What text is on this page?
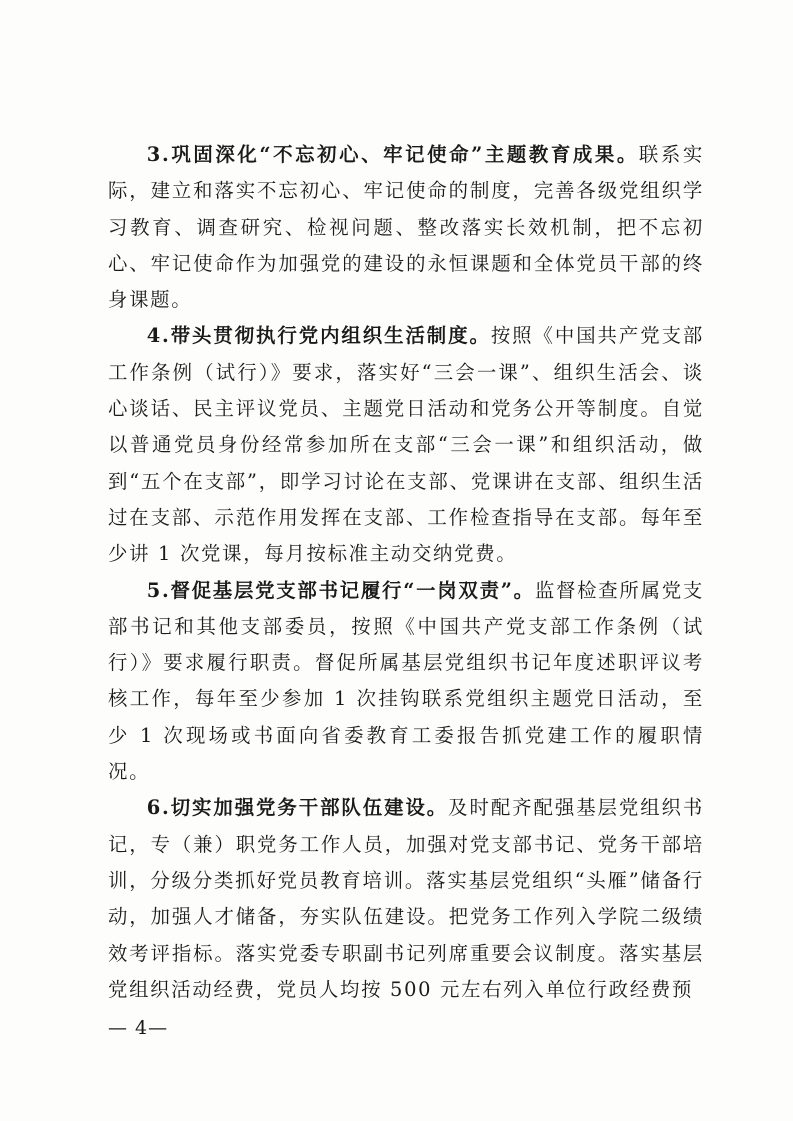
3.巩固深化“不忘初心、牢记使命”主题教育成果。联系实际，建立和落实不忘初心、牢记使命的制度，完善各级党组织学习教育、调查研究、检视问题、整改落实长效机制，把不忘初心、牢记使命作为加强党的建设的永恒课题和全体党员干部的终身课题。

4.带头贯彻执行党内组织生活制度。按照《中国共产党支部工作条例（试行）》要求，落实好“三会一课”、组织生活会、谈心谈话、民主评议党员、主题党日活动和党务公开等制度。自觉以普通党员身份经常参加所在支部“三会一课”和组织活动，做到“五个在支部”，即学习讨论在支部、党课讲在支部、组织生活过在支部、示范作用发挥在支部、工作检查指导在支部。每年至少讲 1 次党课，每月按标准主动交纳党费。

5.督促基层党支部书记履行“一岗双责”。监督检查所属党支部书记和其他支部委员，按照《中国共产党支部工作条例（试行）》要求履行职责。督促所属基层党组织书记年度述职评议考核工作，每年至少参加 1 次挂钩联系党组织主题党日活动，至少 1 次现场或书面向省委教育工委报告抓党建工作的履职情况。

6.切实加强党务干部队伍建设。及时配齐配强基层党组织书记，专（兼）职党务工作人员，加强对党支部书记、党务干部培训，分级分类抓好党员教育培训。落实基层党组织“头雁”储备行动，加强人才储备，夯实队伍建设。把党务工作列入学院二级绩效考评指标。落实党委专职副书记列席重要会议制度。落实基层党组织活动经费，党员人均按 500 元左右列入单位行政经费预

— 4—
